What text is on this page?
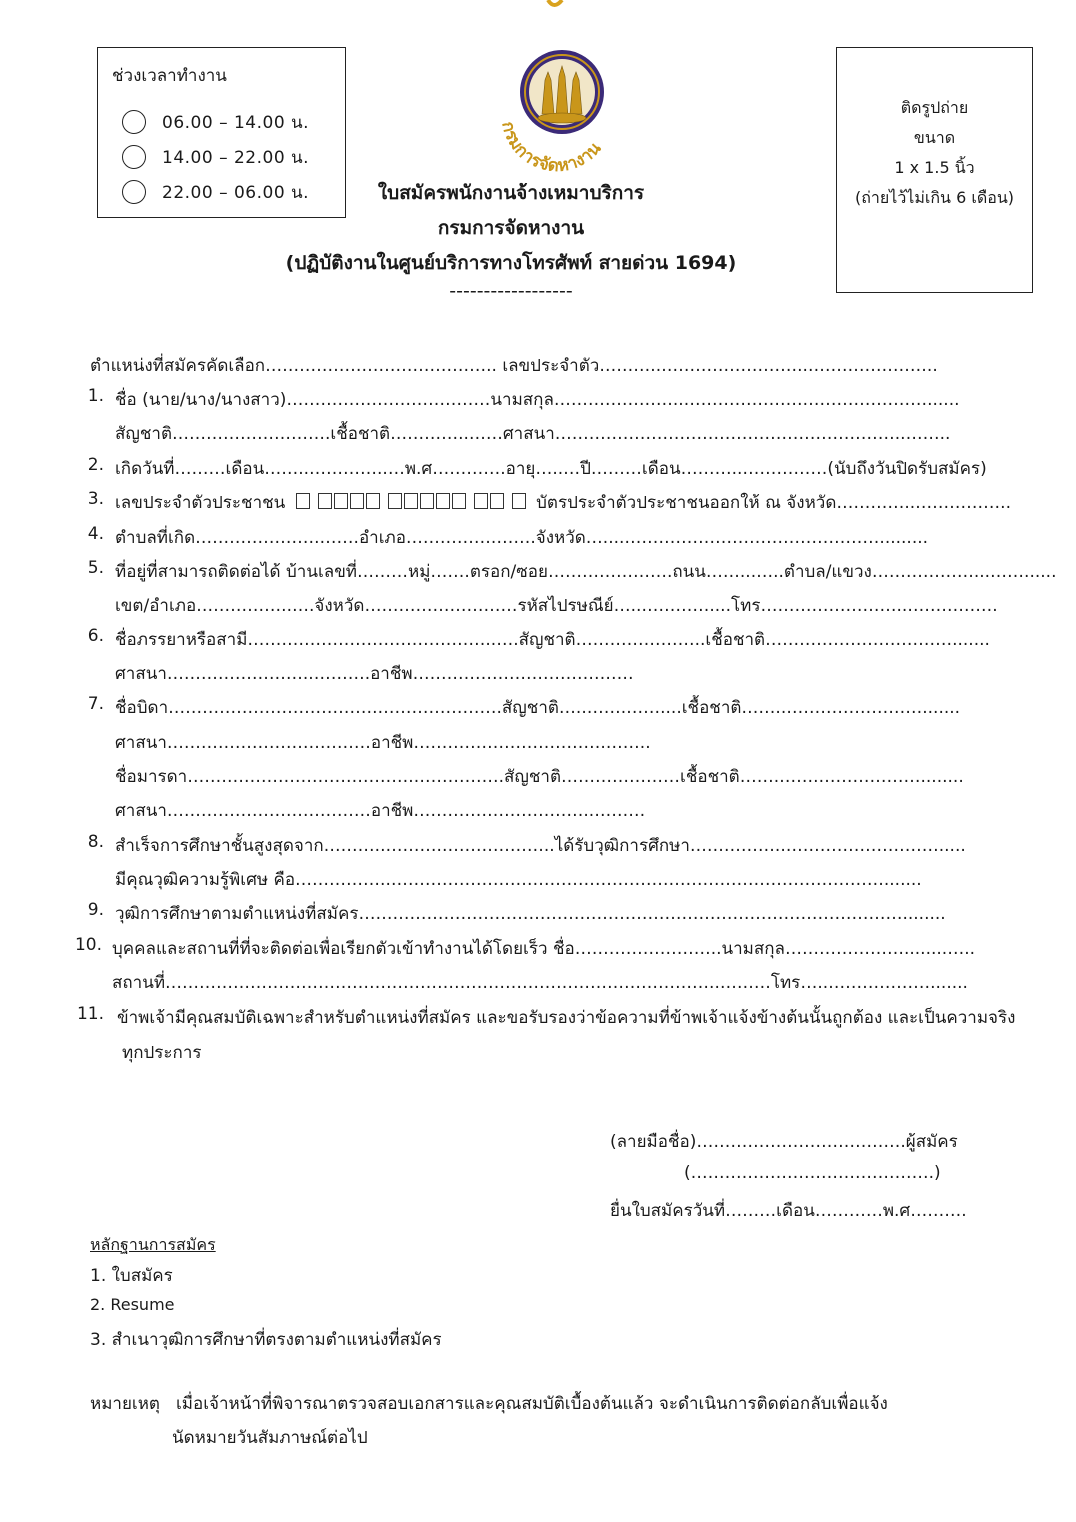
ช่วงเวลาทำงาน
06.00 – 14.00 น.
14.00 – 22.00 น.
22.00 – 06.00 น.
กรมการจัดหางาน
ติดรูปถ่าย
ขนาด
1 x 1.5 นิ้ว
(ถ่ายไว้ไม่เกิน 6 เดือน)
ใบสมัครพนักงานจ้างเหมาบริการ
กรมการจัดหางาน
(ปฏิบัติงานในศูนย์บริการทางโทรศัพท์ สายด่วน 1694)
------------------
ตำแหน่งที่สมัครคัดเลือก………………………………….. เลขประจำตัว………..……………………..…………………..
1. ชื่อ (นาย/นาง/นางสาว)………………………………นามสกุล…………………..………………….…………………......
สัญชาติ……………………….เชื้อชาติ…………..……ศาสนา……………………………………………………..……..
2. เกิดวันที่………เดือน……..…………..…พ.ศ………….อายุ…..…ปี………เดือน………..……………(นับถึงวันปิดรับสมัคร)
3. เลขประจำตัวประชาชน	บัตรประจำตัวประชาชนออกให้ ณ จังหวัด…………..……………..
4. ตำบลที่เกิด………………….…….อำเภอ…………….…….จังหวัด…....……………………………………….........
5. ที่อยู่ที่สามารถติดต่อได้ บ้านเลขที่………หมู่…….ตรอก/ซอย………………….ถนน……...…..ตำบล/แขวง………………...……......
เขต/อำเภอ……………..….จังหวัด………………………รหัสไปรษณีย์…..…………....โทร……………………..…………….
6. ชื่อภรรยาหรือสามี……………………………………..….สัญชาติ…………………..เชื้อชาติ…………………………….......
ศาสนา……………………..……….อาชีพ…………………………………
7. ชื่อบิดา……………………………….………………….สัญชาติ…..…….……....เชื้อชาติ……..…………………….......
ศาสนา………………………………อาชีพ…………………………….……..
ชื่อมารดา………………………………….…………….สัญชาติ…………………เชื้อชาติ…….…….………………........
ศาสนา………………………………อาชีพ…………………………..………
8. สำเร็จการศึกษาชั้นสูงสุดจาก………..……….………………..ได้รับวุฒิการศึกษา……………..……………………….....
มีคุณวุฒิความรู้พิเศษ คือ……………..…………………………………………………………………………….......
9. วุฒิการศึกษาตามตำแหน่งที่สมัคร……………………………………………………………………………………........
10. บุคคลและสถานที่ที่จะติดต่อเพื่อเรียกตัวเข้าทำงานได้โดยเร็ว ชื่อ……………………..นามสกุล…………………........…..
สถานที่……………………………………………………………………………………..………โทร…..……………….......
11. ข้าพเจ้ามีคุณสมบัติเฉพาะสำหรับตำแหน่งที่สมัคร และขอรับรองว่าข้อความที่ข้าพเจ้าแจ้งข้างต้นนั้นถูกต้อง และเป็นความจริง
ทุกประการ
(ลายมือชื่อ)……………………………….ผู้สมัคร
(…………………………………….)
ยื่นใบสมัครวันที่………เดือน…………พ.ศ……….
หลักฐานการสมัคร
1. ใบสมัคร
2. Resume
3. สำเนาวุฒิการศึกษาที่ตรงตามตำแหน่งที่สมัคร
หมายเหตุ เมื่อเจ้าหน้าที่พิจารณาตรวจสอบเอกสารและคุณสมบัติเบื้องต้นแล้ว จะดำเนินการติดต่อกลับเพื่อแจ้ง
นัดหมายวันสัมภาษณ์ต่อไป
